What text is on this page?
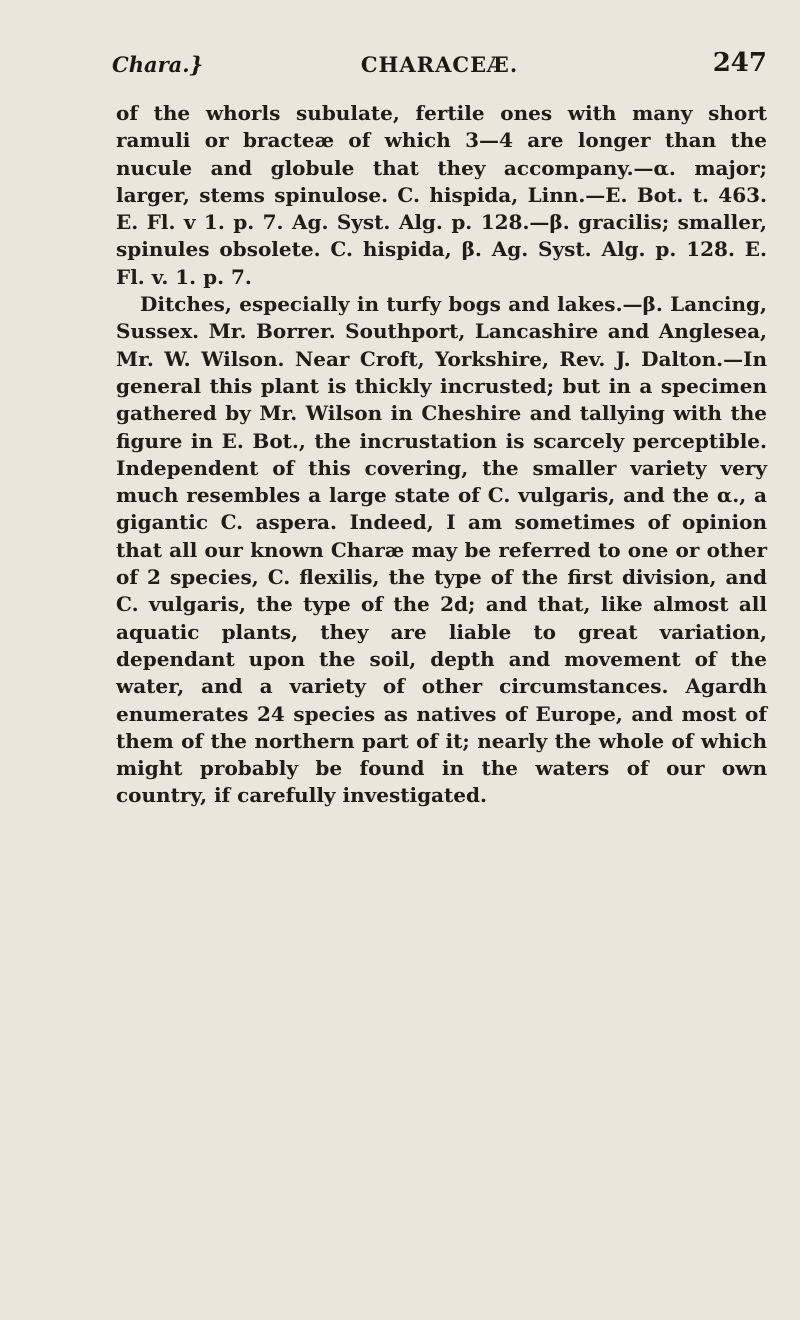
Chara.}	CHARACEÆ.	247

of the whorls subulate, fertile ones with many short ramuli or bracteæ of which 3—4 are longer than the nucule and globule that they accompany.—α. major; larger, stems spinulose. C. hispida, Linn.—E. Bot. t. 463. E. Fl. v 1. p. 7. Ag. Syst. Alg. p. 128.—β. gracilis; smaller, spinules obsolete. C. hispida, β. Ag. Syst. Alg. p. 128. E. Fl. v. 1. p. 7.

Ditches, especially in turfy bogs and lakes.—β. Lancing, Sussex. Mr. Borrer. Southport, Lancashire and Anglesea, Mr. W. Wilson. Near Croft, Yorkshire, Rev. J. Dalton.—In general this plant is thickly incrusted; but in a specimen gathered by Mr. Wilson in Cheshire and tallying with the figure in E. Bot., the incrustation is scarcely perceptible. Independent of this covering, the smaller variety very much resembles a large state of C. vulgaris, and the α., a gigantic C. aspera. Indeed, I am sometimes of opinion that all our known Charæ may be referred to one or other of 2 species, C. flexilis, the type of the first division, and C. vulgaris, the type of the 2d; and that, like almost all aquatic plants, they are liable to great variation, dependant upon the soil, depth and movement of the water, and a variety of other circumstances. Agardh enumerates 24 species as natives of Europe, and most of them of the northern part of it; nearly the whole of which might probably be found in the waters of our own country, if carefully investigated.
